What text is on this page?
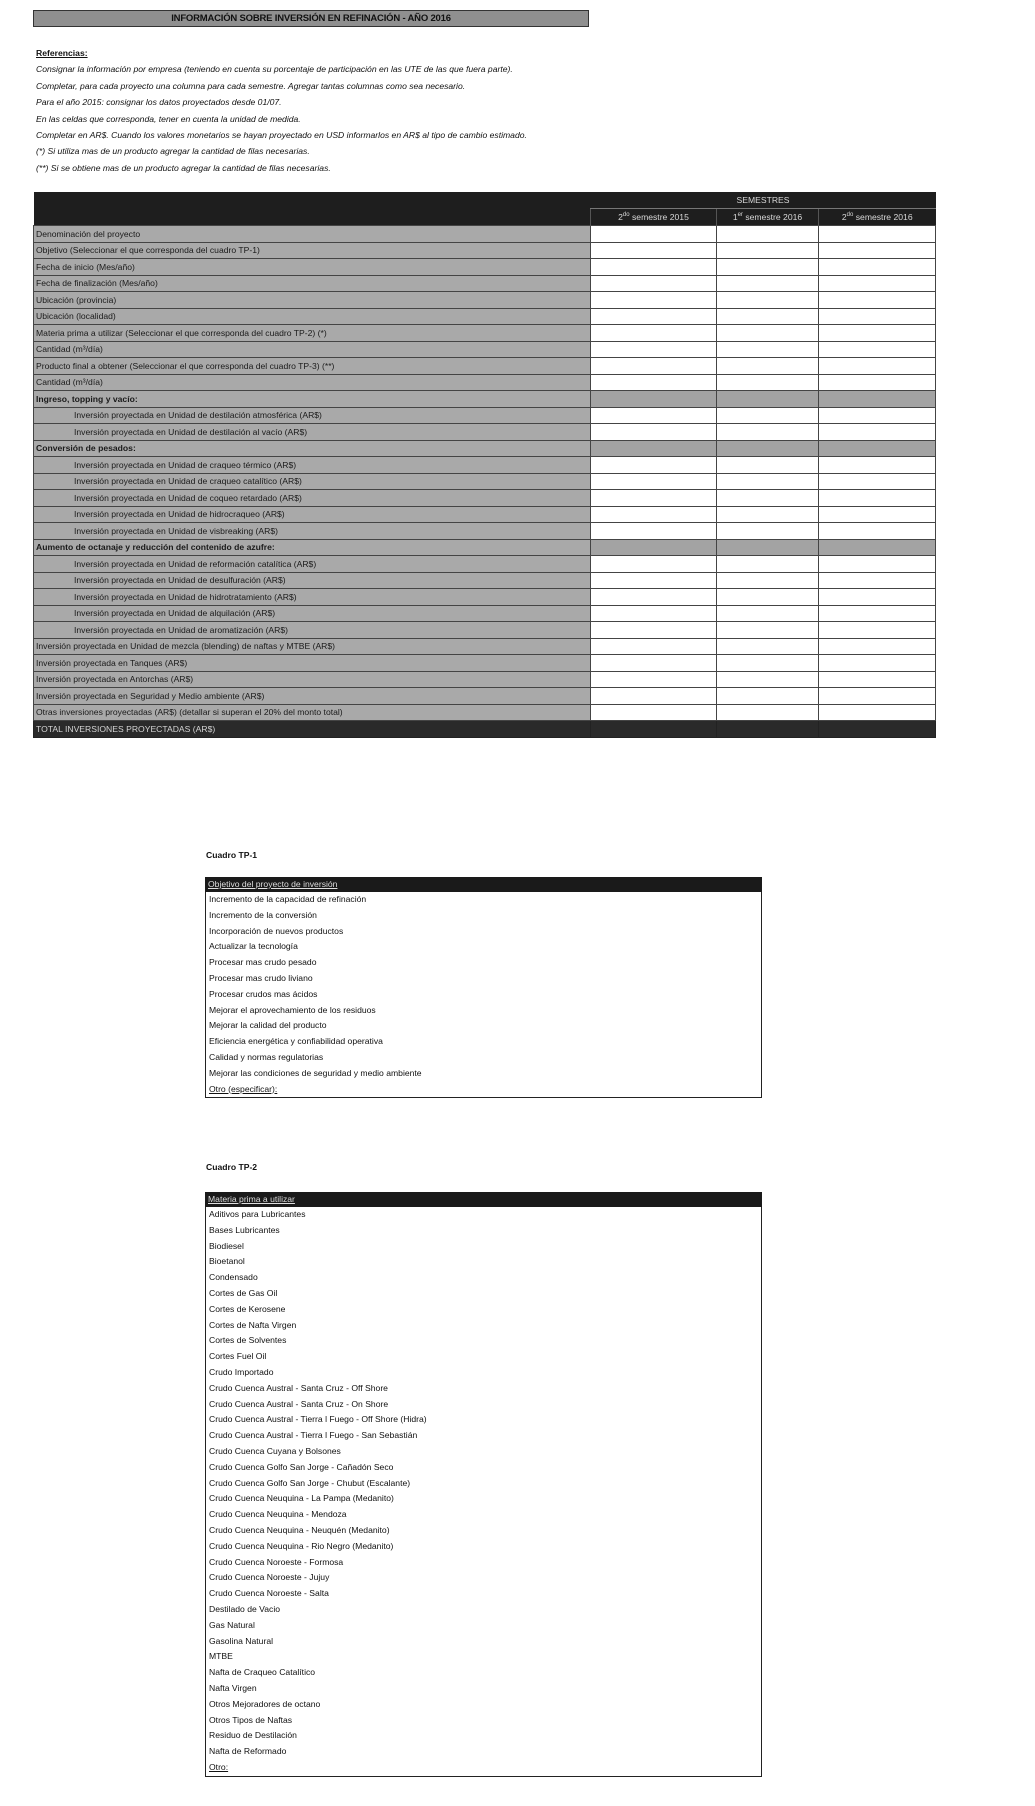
INFORMACIÓN SOBRE INVERSIÓN EN REFINACIÓN - AÑO 2016
Referencias:
Consignar la información por empresa (teniendo en cuenta su porcentaje de participación en las UTE de las que fuera parte).
Completar, para cada proyecto una columna para cada semestre. Agregar tantas columnas como sea necesario.
Para el año 2015: consignar los datos proyectados desde 01/07.
En las celdas que corresponda, tener en cuenta la unidad de medida.
Completar en AR$. Cuando los valores monetarios se hayan proyectado en USD informarlos en AR$ al tipo de cambio estimado.
(*) Si utiliza mas de un producto agregar la cantidad de filas necesarias.
(**) Si se obtiene mas de un producto agregar la cantidad de filas necesarias.
	SEMESTRES		
	$2^{do}$ semestre 2015	1er semestre 2016	$2^{do}$ semestre 2016
Denominación del proyecto			
Objetivo (Seleccionar el que corresponda del cuadro TP-1)			
Fecha de inicio (Mes/año)			
Fecha de finalización (Mes/año)			
Ubicación (provincia)			
Ubicación (localidad)			
Materia prima a utilizar (Seleccionar el que corresponda del cuadro TP-2) (*)			
Cantidad (m³/día)			
Producto final a obtener (Seleccionar el que corresponda del cuadro TP-3) (**)			
Cantidad (m³/día)			
Ingreso, topping y vacío:			
Inversión proyectada en Unidad de destilación atmosférica (AR$)			
Inversión proyectada en Unidad de destilación al vacío (AR$)			
Conversión de pesados:			
Inversión proyectada en Unidad de craqueo térmico (AR$)			
Inversión proyectada en Unidad de craqueo catalítico (AR$)			
Inversión proyectada en Unidad de coqueo retardado (AR$)			
Inversión proyectada en Unidad de hidrocraqueo (AR$)			
Inversión proyectada en Unidad de visbreaking (AR$)			
Aumento de octanaje y reducción del contenido de azufre:			
Inversión proyectada en Unidad de reformación catalítica (AR$)			
Inversión proyectada en Unidad de desulfuración (AR$)			
Inversión proyectada en Unidad de hidrotratamiento (AR$)			
Inversión proyectada en Unidad de alquilación (AR$)			
Inversión proyectada en Unidad de aromatización (AR$)			
Inversión proyectada en Unidad de mezcla (blending) de naftas y MTBE (AR$)			
Inversión proyectada en Tanques (AR$)			
Inversión proyectada en Antorchas (AR$)			
Inversión proyectada en Seguridad y Medio ambiente (AR$)			
Otras inversiones proyectadas (AR$) (detallar si superan el 20% del monto total)			
TOTAL INVERSIONES PROYECTADAS (AR$)			
Cuadro TP-1
Objetivo del proyecto de inversión
Incremento de la capacidad de refinación
Incremento de la conversión
Incorporación de nuevos productos
Actualizar la tecnología
Procesar mas crudo pesado
Procesar mas crudo liviano
Procesar crudos mas ácidos
Mejorar el aprovechamiento de los residuos
Mejorar la calidad del producto
Eficiencia energética y confiabilidad operativa
Calidad y normas regulatorias
Mejorar las condiciones de seguridad y medio ambiente
Otro (especificar):
Cuadro TP-2
Materia prima a utilizar
Aditivos para Lubricantes
Bases Lubricantes
Biodiesel
Bioetanol
Condensado
Cortes de Gas Oil
Cortes de Kerosene
Cortes de Nafta Virgen
Cortes de Solventes
Cortes Fuel Oil
Crudo Importado
Crudo Cuenca Austral - Santa Cruz - Off Shore
Crudo Cuenca Austral - Santa Cruz - On Shore
Crudo Cuenca Austral - Tierra l Fuego - Off Shore (Hidra)
Crudo Cuenca Austral - Tierra l Fuego - San Sebastián
Crudo Cuenca Cuyana y Bolsones
Crudo Cuenca Golfo San Jorge - Cañadón Seco
Crudo Cuenca Golfo San Jorge - Chubut (Escalante)
Crudo Cuenca Neuquina - La Pampa (Medanito)
Crudo Cuenca Neuquina - Mendoza
Crudo Cuenca Neuquina - Neuquén (Medanito)
Crudo Cuenca Neuquina - Rio Negro (Medanito)
Crudo Cuenca Noroeste - Formosa
Crudo Cuenca Noroeste - Jujuy
Crudo Cuenca Noroeste - Salta
Destilado de Vacio
Gas Natural
Gasolina Natural
MTBE
Nafta de Craqueo Catalítico
Nafta Virgen
Otros Mejoradores de octano
Otros Tipos de Naftas
Residuo de Destilación
Nafta de Reformado
Otro:
